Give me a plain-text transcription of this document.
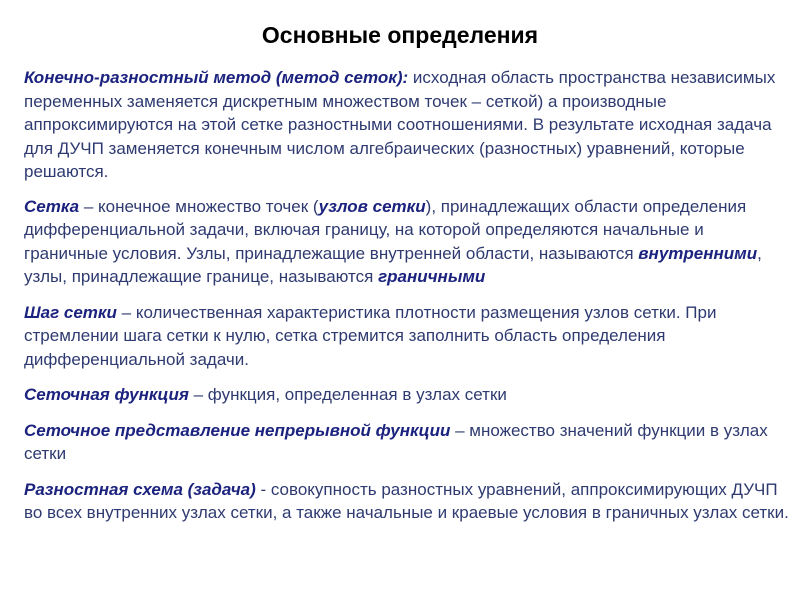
Основные определения

Конечно-разностный метод (метод сеток): исходная область пространства независимых переменных заменяется дискретным множеством точек – сеткой) а производные аппроксимируются на этой сетке разностными соотношениями. В результате исходная задача для ДУЧП заменяется конечным числом алгебраических (разностных) уравнений, которые решаются.

Сетка – конечное множество точек (узлов сетки), принадлежащих области определения дифференциальной задачи, включая границу, на которой определяются начальные и граничные условия. Узлы, принадлежащие внутренней области, называются внутренними, узлы, принадлежащие границе, называются граничными

Шаг сетки – количественная характеристика плотности размещения узлов сетки. При стремлении шага сетки к нулю, сетка стремится заполнить область определения дифференциальной задачи.

Сеточная функция – функция, определенная в узлах сетки

Сеточное представление непрерывной функции – множество значений функции в узлах сетки

Разностная схема (задача) - совокупность разностных уравнений, аппроксимирующих ДУЧП во всех внутренних узлах сетки, а также начальные и краевые условия в граничных узлах сетки.
